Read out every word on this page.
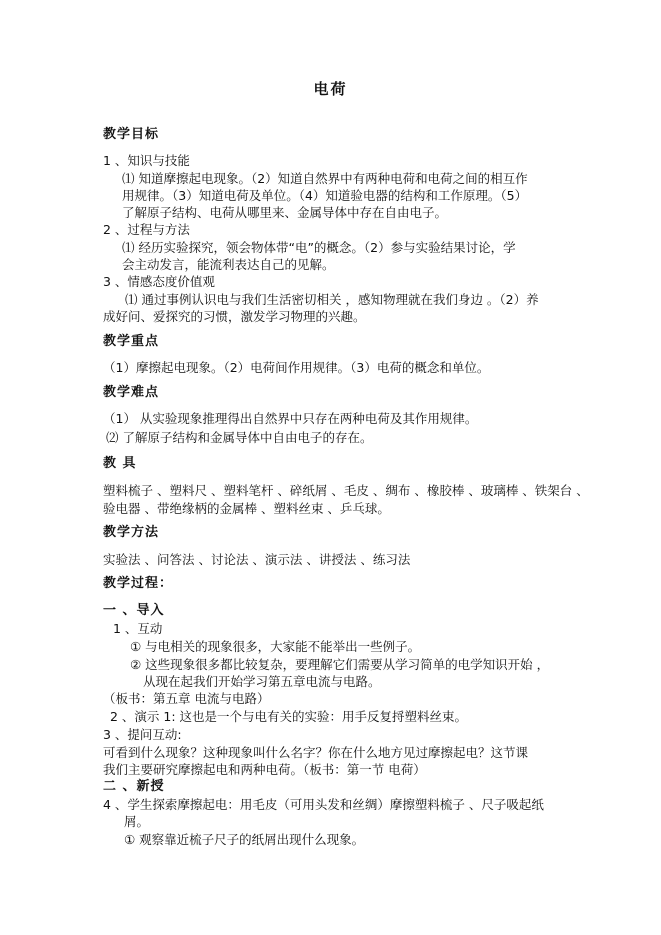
电荷
教学目标
1 、知识与技能
⑴ 知道摩擦起电现象。（2）知道自然界中有两种电荷和电荷之间的相互作
用规律。（3）知道电荷及单位。（4）知道验电器的结构和工作原理。（5）
了解原子结构、电荷从哪里来、金属导体中存在自由电子。
2 、过程与方法
⑴ 经历实验探究，领会物体带“电”的概念。（2）参与实验结果讨论，学
会主动发言，能流利表达自己的见解。
3 、情感态度价值观
⑴ 通过事例认识电与我们生活密切相关 ，感知物理就在我们身边 。（2）养
成好问、爱探究的习惯，激发学习物理的兴趣。
教学重点
（1）摩擦起电现象。（2）电荷间作用规律。（3）电荷的概念和单位。
教学难点
（1） 从实验现象推理得出自然界中只存在两种电荷及其作用规律。
⑵ 了解原子结构和金属导体中自由电子的存在。
教 具
塑料梳子 、塑料尺 、塑料笔杆 、碎纸屑 、毛皮 、绸布 、橡胶棒 、玻璃棒 、铁架台 、
验电器 、带绝缘柄的金属棒 、塑料丝束 、乒乓球。
教学方法
实验法 、问答法 、讨论法 、演示法 、讲授法 、练习法
教学过程：
一 、导入
1 、互动
① 与电相关的现象很多，大家能不能举出一些例子。
② 这些现象很多都比较复杂，要理解它们需要从学习简单的电学知识开始 ，
从现在起我们开始学习第五章电流与电路。
（板书：第五章 电流与电路）
2 、演示 1: 这也是一个与电有关的实验：用手反复捋塑料丝束。
3 、提问互动:
可看到什么现象？这种现象叫什么名字？你在什么地方见过摩擦起电？这节课
我们主要研究摩擦起电和两种电荷。（板书：第一节 电荷）
二 、新授
4 、学生探索摩擦起电：用毛皮（可用头发和丝绸）摩擦塑料梳子 、尺子吸起纸
屑。
① 观察靠近梳子尺子的纸屑出现什么现象。
